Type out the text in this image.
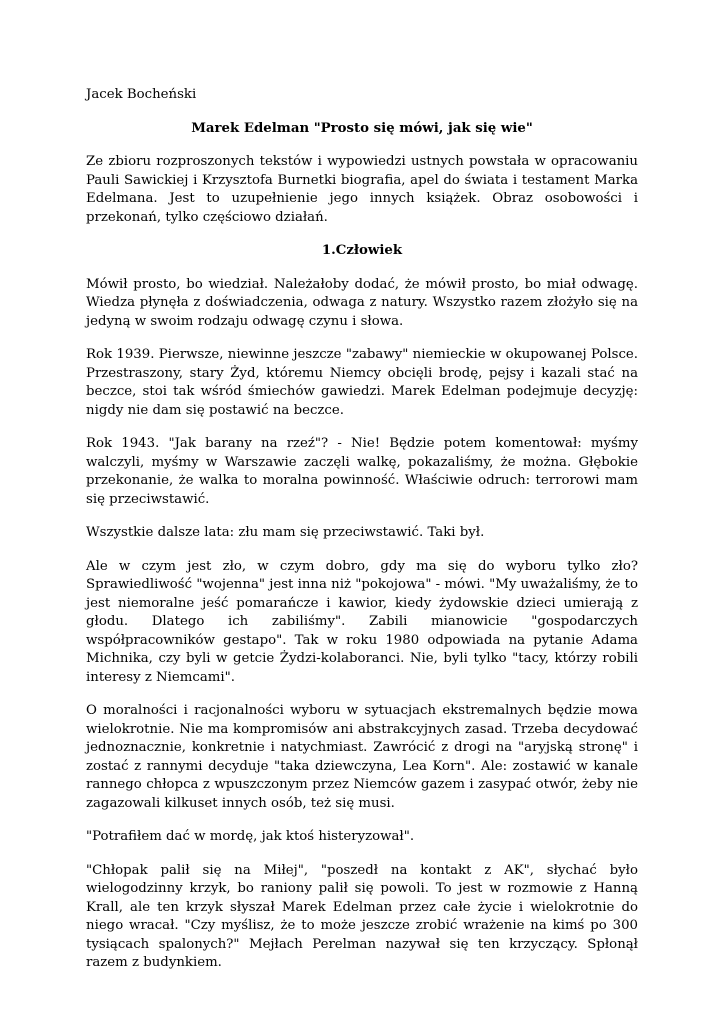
Jacek Bocheński

Marek Edelman "Prosto się mówi, jak się wie"

Ze zbioru rozproszonych tekstów i wypowiedzi ustnych powstała w opracowaniu Pauli Sawickiej i Krzysztofa Burnetki biografia, apel do świata i testament Marka Edelmana. Jest to uzupełnienie jego innych książek. Obraz osobowości i przekonań, tylko częściowo działań.

1.Człowiek

Mówił prosto, bo wiedział. Należałoby dodać, że mówił prosto, bo miał odwagę. Wiedza płynęła z doświadczenia, odwaga z natury. Wszystko razem złożyło się na jedyną w swoim rodzaju odwagę czynu i słowa.

Rok 1939. Pierwsze, niewinne jeszcze "zabawy" niemieckie w okupowanej Polsce. Przestraszony, stary Żyd, któremu Niemcy obcięli brodę, pejsy i kazali stać na beczce, stoi tak wśród śmiechów gawiedzi. Marek Edelman podejmuje decyzję: nigdy nie dam się postawić na beczce.

Rok 1943. "Jak barany na rzeź"? - Nie! Będzie potem komentował: myśmy walczyli, myśmy w Warszawie zaczęli walkę, pokazaliśmy, że można. Głębokie przekonanie, że walka to moralna powinność. Właściwie odruch: terrorowi mam się przeciwstawić.

Wszystkie dalsze lata: złu mam się przeciwstawić. Taki był.

Ale w czym jest zło, w czym dobro, gdy ma się do wyboru tylko zło? Sprawiedliwość "wojenna" jest inna niż "pokojowa" - mówi. "My uważaliśmy, że to jest niemoralne jeść pomarańcze i kawior, kiedy żydowskie dzieci umierają z głodu. Dlatego ich zabiliśmy". Zabili mianowicie "gospodarczych współpracowników gestapo". Tak w roku 1980 odpowiada na pytanie Adama Michnika, czy byli w getcie Żydzi-kolaboranci. Nie, byli tylko "tacy, którzy robili interesy z Niemcami".

O moralności i racjonalności wyboru w sytuacjach ekstremalnych będzie mowa wielokrotnie. Nie ma kompromisów ani abstrakcyjnych zasad. Trzeba decydować jednoznacznie, konkretnie i natychmiast. Zawrócić z drogi na "aryjską stronę" i zostać z rannymi decyduje "taka dziewczyna, Lea Korn". Ale: zostawić w kanale rannego chłopca z wpuszczonym przez Niemców gazem i zasypać otwór, żeby nie zagazowali kilkuset innych osób, też się musi.

"Potrafiłem dać w mordę, jak ktoś histeryzował".

"Chłopak palił się na Miłej", "poszedł na kontakt z AK", słychać było wielogodzinny krzyk, bo raniony palił się powoli. To jest w rozmowie z Hanną Krall, ale ten krzyk słyszał Marek Edelman przez całe życie i wielokrotnie do niego wracał. "Czy myślisz, że to może jeszcze zrobić wrażenie na kimś po 300 tysiącach spalonych?" Mejłach Perelman nazywał się ten krzyczący. Spłonął razem z budynkiem.
